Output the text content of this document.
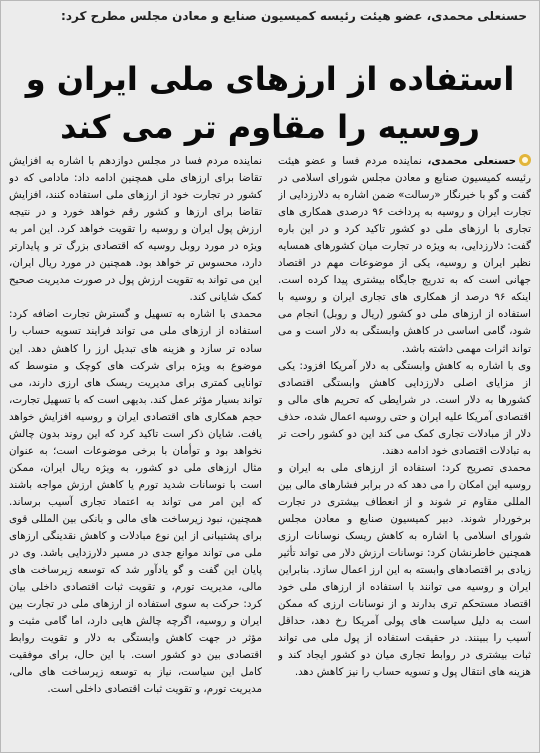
حسنعلی محمدی، عضو هیئت رئیسه کمیسیون صنایع و معادن مجلس مطرح کرد:
استفاده از ارزهای ملی ایران و روسیه را مقاوم تر می کند

حسنعلی محمدی، نماینده مردم فسا و عضو هیئت رئیسه کمیسیون صنایع و معادن مجلس شورای اسلامی در گفت و گو با خبرنگار «رسالت» ضمن اشاره به دلارزدایی از تجارت ایران و روسیه به پرداخت ۹۶ درصدی همکاری های تجاری با ارزهای ملی دو کشور تاکید کرد و در این باره گفت: دلارزدایی، به ویژه در تجارت میان کشورهای همسایه نظیر ایران و روسیه، یکی از موضوعات مهم در اقتصاد جهانی است که به تدریج جایگاه بیشتری پیدا کرده است. اینکه ۹۶ درصد از همکاری های تجاری ایران و روسیه با استفاده از ارزهای ملی دو کشور (ریال و روبل) انجام می شود، گامی اساسی در کاهش وابستگی به دلار است و می تواند اثرات مهمی داشته باشد.
وی با اشاره به کاهش وابستگی به دلار آمریکا افزود: یکی از مزایای اصلی دلارزدایی کاهش وابستگی اقتصادی کشورها به دلار است. در شرایطی که تحریم های مالی و اقتصادی آمریکا علیه ایران و حتی روسیه اعمال شده، حذف دلار از مبادلات تجاری کمک می کند این دو کشور راحت تر به تبادلات اقتصادی خود ادامه دهند.
محمدی تصریح کرد: استفاده از ارزهای ملی به ایران و روسیه این امکان را می دهد که در برابر فشارهای مالی بین المللی مقاوم تر شوند و از انعطاف بیشتری در تجارت برخوردار شوند. دبیر کمیسیون صنایع و معادن مجلس شورای اسلامی با اشاره به کاهش ریسک نوسانات ارزی همچنین خاطرنشان کرد: نوسانات ارزش دلار می تواند تأثیر زیادی بر اقتصادهای وابسته به این ارز اعمال سازد. بنابراین ایران و روسیه می توانند با استفاده از ارزهای ملی خود اقتصاد مستحکم تری بدارند و از نوسانات ارزی که ممکن است به دلیل سیاست های پولی آمریکا رخ دهد، حداقل آسیب را ببینند. در حقیقت استفاده از پول ملی می تواند ثبات بیشتری در روابط تجاری میان دو کشور ایجاد کند و هزینه های انتقال پول و تسویه حساب را نیز کاهش دهد.

نماینده مردم فسا در مجلس دوازدهم با اشاره به افزایش تقاضا برای ارزهای ملی همچنین ادامه داد: مادامی که دو کشور در تجارت خود از ارزهای ملی استفاده کنند، افزایش تقاضا برای ارزها و کشور رقم خواهد خورد و در نتیجه ارزش پول ایران و روسیه را تقویت خواهد کرد. این امر به ویژه در مورد روبل روسیه که اقتصادی بزرگ تر و پایدارتر دارد، محسوس تر خواهد بود. همچنین در مورد ریال ایران، این می تواند به تقویت ارزش پول در صورت مدیریت صحیح کمک شایانی کند.
محمدی با اشاره به تسهیل و گسترش تجارت اضافه کرد: استفاده از ارزهای ملی می تواند فرایند تسویه حساب را ساده تر سازد و هزینه های تبدیل ارز را کاهش دهد. این موضوع به ویژه برای شرکت های کوچک و متوسط که توانایی کمتری برای مدیریت ریسک های ارزی دارند، می تواند بسیار مؤثر عمل کند. بدیهی است که با تسهیل تجارت، حجم همکاری های اقتصادی ایران و روسیه افزایش خواهد یافت. شایان ذکر است تاکید کرد که این روند بدون چالش نخواهد بود و توأمان با برخی موضوعات است؛ به عنوان مثال ارزهای ملی دو کشور، به ویژه ریال ایران، ممکن است با نوسانات شدید تورم یا کاهش ارزش مواجه باشند که این امر می تواند به اعتماد تجاری آسیب برساند. همچنین، نبود زیرساخت های مالی و بانکی بین المللی قوی برای پشتیبانی از این نوع مبادلات و کاهش نقدینگی ارزهای ملی می تواند موانع جدی در مسیر دلارزدایی باشد. وی در پایان این گفت و گو یادآور شد که توسعه زیرساخت های مالی، مدیریت تورم، و تقویت ثبات اقتصادی داخلی بیان کرد: حرکت به سوی استفاده از ارزهای ملی در تجارت بین ایران و روسیه، اگرچه چالش هایی دارد، اما گامی مثبت و مؤثر در جهت کاهش وابستگی به دلار و تقویت روابط اقتصادی بین دو کشور است. با این حال، برای موفقیت کامل این سیاست، نیاز به توسعه زیرساخت های مالی، مدیریت تورم، و تقویت ثبات اقتصادی داخلی است.
